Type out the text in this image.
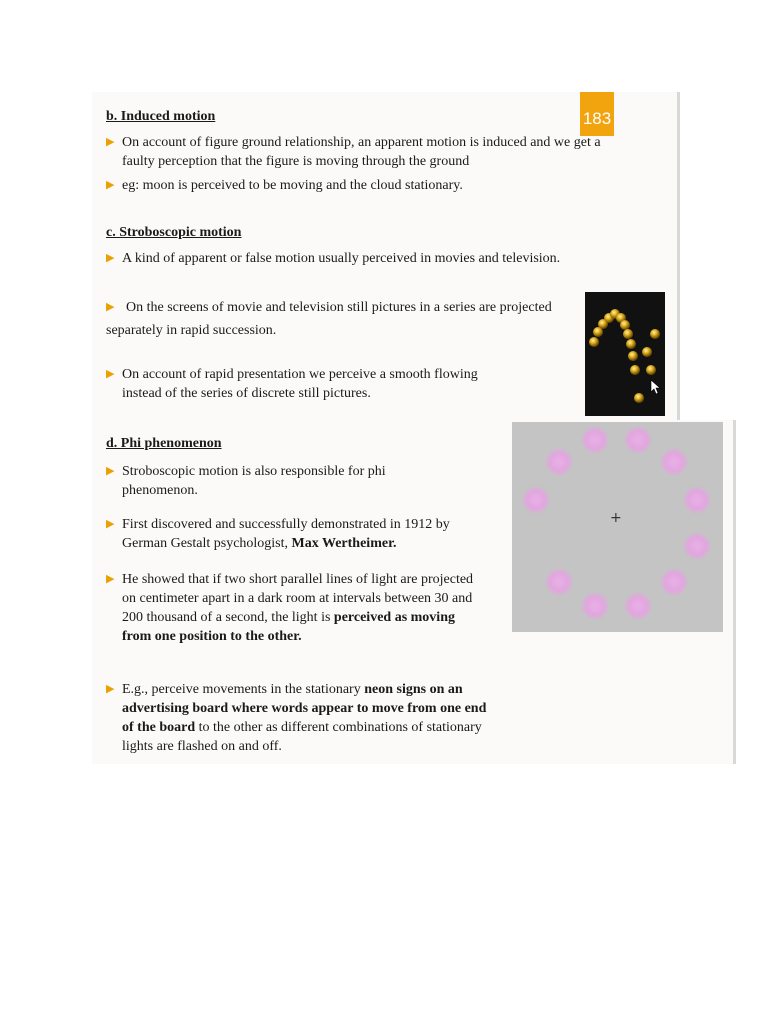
183
b. Induced motion
▶ On account of figure ground relationship, an apparent motion is induced and we get a faulty perception that the figure is moving through the ground
▶ eg: moon is perceived to be moving and the cloud stationary.
c. Stroboscopic motion
▶ A kind of apparent or false motion usually perceived in movies and television.
▶ On the screens of movie and television still pictures in a series are projected
separately in rapid succession.
▶ On account of rapid presentation we perceive a smooth flowing
instead of the series of discrete still pictures.
d. Phi phenomenon
▶ Stroboscopic motion is also responsible for phi phenomenon.
▶ First discovered and successfully demonstrated in 1912 by German Gestalt psychologist, Max Wertheimer.
▶ He showed that if two short parallel lines of light are projected on centimeter apart in a dark room at intervals between 30 and 200 thousand of a second, the light is perceived as moving from one position to the other.
▶ E.g., perceive movements in the stationary neon signs on an advertising board where words appear to move from one end of the board to the other as different combinations of stationary lights are flashed on and off.
+
